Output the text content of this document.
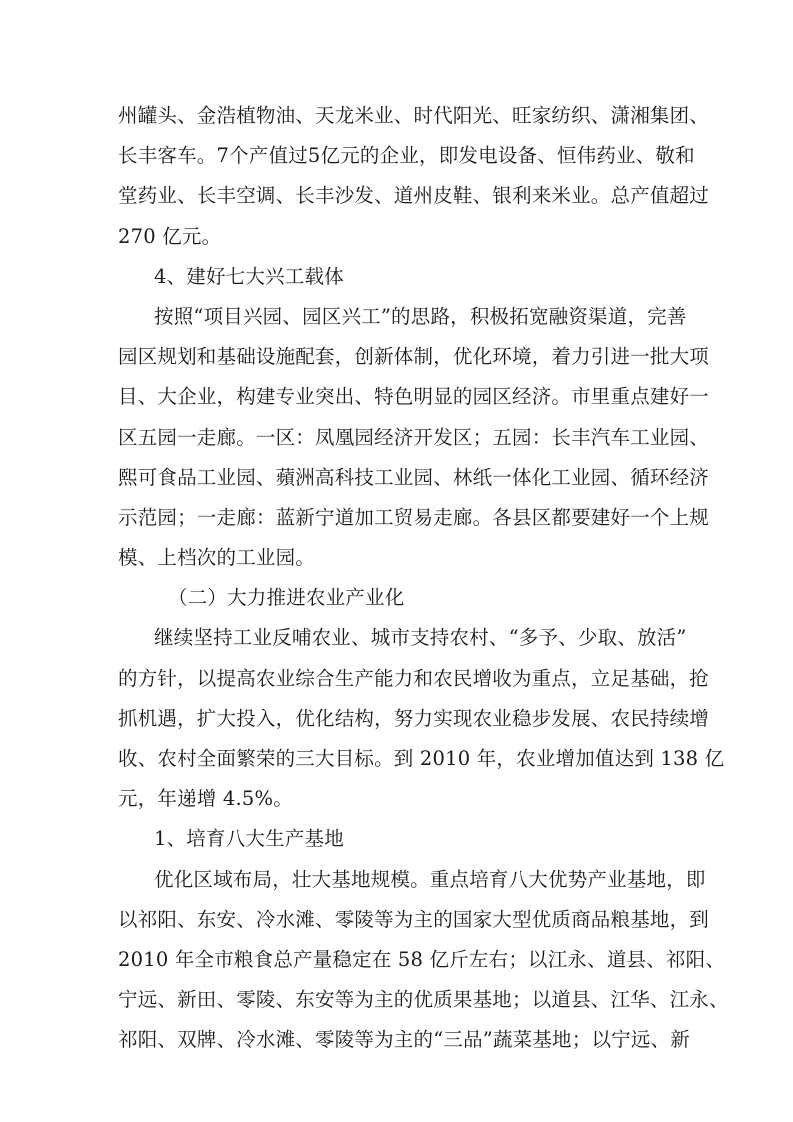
州罐头、金浩植物油、天龙米业、时代阳光、旺家纺织、潇湘集团、
长丰客车。7个产值过5亿元的企业，即发电设备、恒伟药业、敬和
堂药业、长丰空调、长丰沙发、道州皮鞋、银利来米业。总产值超过
270 亿元。
4、建好七大兴工载体
按照“项目兴园、园区兴工”的思路，积极拓宽融资渠道，完善
园区规划和基础设施配套，创新体制，优化环境，着力引进一批大项
目、大企业，构建专业突出、特色明显的园区经济。市里重点建好一
区五园一走廊。一区：凤凰园经济开发区；五园：长丰汽车工业园、
熙可食品工业园、蘋洲高科技工业园、林纸一体化工业园、循环经济
示范园；一走廊：蓝新宁道加工贸易走廊。各县区都要建好一个上规
模、上档次的工业园。
（二）大力推进农业产业化
继续坚持工业反哺农业、城市支持农村、“多予、少取、放活”
的方针，以提高农业综合生产能力和农民增收为重点，立足基础，抢
抓机遇，扩大投入，优化结构，努力实现农业稳步发展、农民持续增
收、农村全面繁荣的三大目标。到 2010 年，农业增加值达到 138 亿
元，年递增 4.5%。
1、培育八大生产基地
优化区域布局，壮大基地规模。重点培育八大优势产业基地，即
以祁阳、东安、冷水滩、零陵等为主的国家大型优质商品粮基地，到
2010 年全市粮食总产量稳定在 58 亿斤左右；以江永、道县、祁阳、
宁远、新田、零陵、东安等为主的优质果基地；以道县、江华、江永、
祁阳、双牌、冷水滩、零陵等为主的“三品”蔬菜基地；以宁远、新
